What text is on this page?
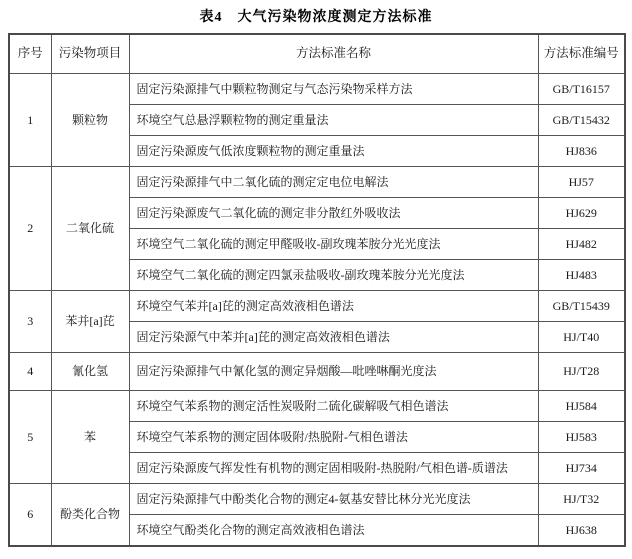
表4　大气污染物浓度测定方法标准
序号	污染物项目	方法标准名称	方法标准编号
1	颗粒物	固定污染源排气中颗粒物测定与气态污染物采样方法	GB/T16157
		环境空气总悬浮颗粒物的测定重量法	GB/T15432
		固定污染源废气低浓度颗粒物的测定重量法	HJ836
2	二氧化硫	固定污染源排气中二氧化硫的测定定电位电解法	HJ57
		固定污染源废气二氧化硫的测定非分散红外吸收法	HJ629
		环境空气二氧化硫的测定甲醛吸收-副玫瑰苯胺分光光度法	HJ482
		环境空气二氧化硫的测定四氯汞盐吸收-副玫瑰苯胺分光光度法	HJ483
3	苯并[a]芘	环境空气苯并[a]芘的测定高效液相色谱法	GB/T15439
		固定污染源气中苯并[a]芘的测定高效液相色谱法	HJ/T40
4	氰化氢	固定污染源排气中氰化氢的测定异烟酸—吡唑啉酮光度法	HJ/T28
5	苯	环境空气苯系物的测定活性炭吸附二硫化碳解吸气相色谱法	HJ584
		环境空气苯系物的测定固体吸附/热脱附-气相色谱法	HJ583
		固定污染源废气挥发性有机物的测定固相吸附-热脱附/气相色谱-质谱法	HJ734
6	酚类化合物	固定污染源排气中酚类化合物的测定4-氨基安替比林分光光度法	HJ/T32
		环境空气酚类化合物的测定高效液相色谱法	HJ638
